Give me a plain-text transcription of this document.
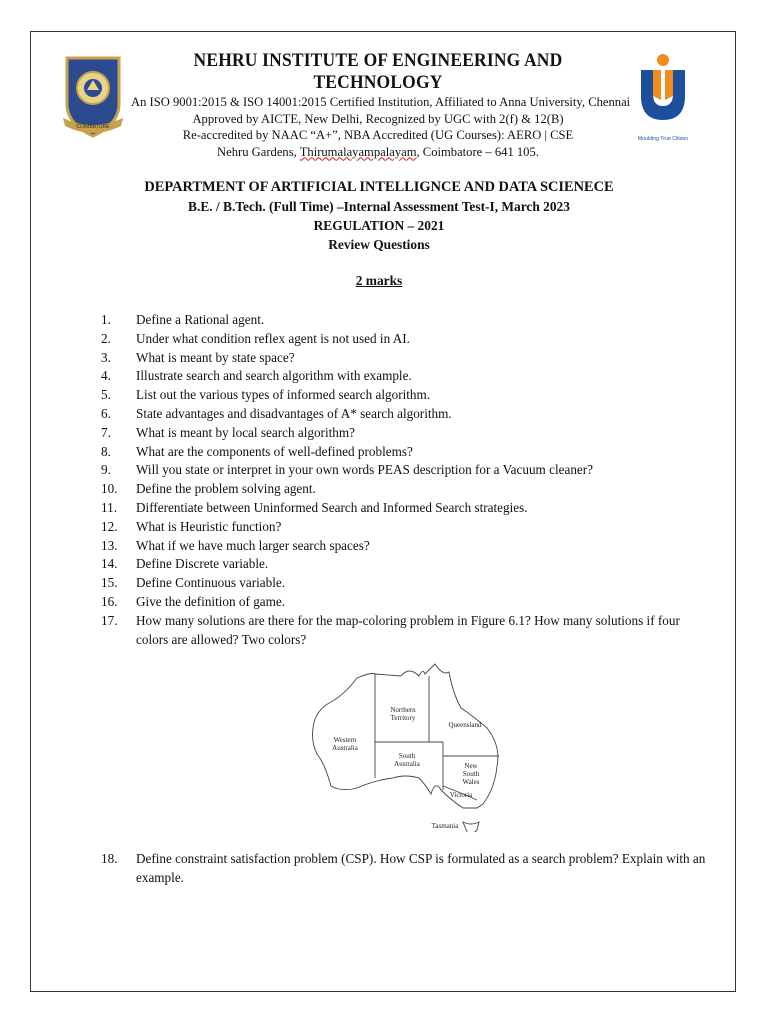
COIMBATORE
NEHRU INSTITUTE OF ENGINEERING AND TECHNOLOGY
An ISO 9001:2015 & ISO 14001:2015 Certified Institution, Affiliated to Anna University, Chennai
Approved by AICTE, New Delhi, Recognized by UGC with 2(f) & 12(B)
Re-accredited by NAAC “A+”, NBA Accredited (UG Courses): AERO | CSE
Nehru Gardens, Thirumalayampalayam, Coimbatore – 641 105.
Moulding True Citizen
DEPARTMENT OF ARTIFICIAL INTELLIGNCE AND DATA SCIENECE
B.E. / B.Tech. (Full Time) –Internal Assessment Test-I, March 2023
REGULATION – 2021
Review Questions
2 marks
1.	Define a Rational agent.
2.	Under what condition reflex agent is not used in AI.
3.	What is meant by state space?
4.	Illustrate search and search algorithm with example.
5.	List out the various types of informed search algorithm.
6.	State advantages and disadvantages of A* search algorithm.
7.	What is meant by local search algorithm?
8.	What are the components of well-defined problems?
9.	Will you state or interpret in your own words PEAS description for a Vacuum cleaner?
10.	Define the problem solving agent.
11.	Differentiate between Uninformed Search and Informed Search strategies.
12.	What is Heuristic function?
13.	What if we have much larger search spaces?
14.	Define Discrete variable.
15.	Define Continuous variable.
16.	Give the definition of game.
17.	How many solutions are there for the map-coloring problem in Figure 6.1? How many solutions if four colors are allowed? Two colors?
Western
Australia
Northern
Territory
Queensland
South
Australia	New
South
Wales
Victoria
Tasmania
18.	Define constraint satisfaction problem (CSP). How CSP is formulated as a search problem? Explain with an example.
